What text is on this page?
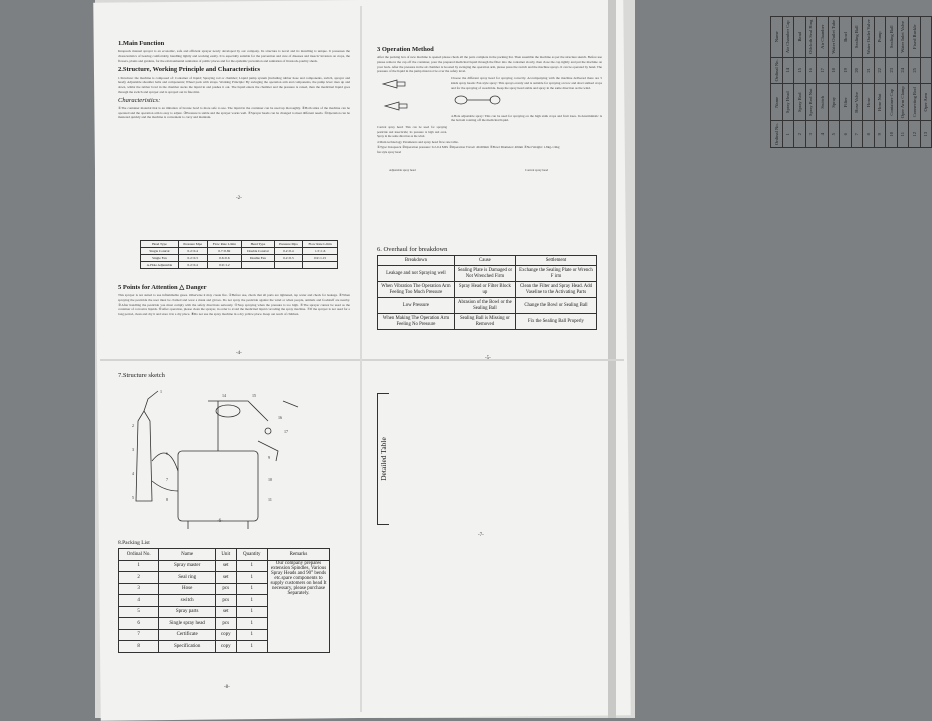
1.Main Function
Knapsack manual sprayer is an economic, safe and efficient sprayer newly developed by our company. Its structure is novel and its installing is unique. It possesses the characteristics of bearing comfortably, handling lightly and working easily. It is especially suitable for the prevention and cure of diseases and insects' invasion on crops, the flowers, plants and gardens, for the environmental sanitation of public places and for the epidemic prevention and sanitation of livestock-poultry sheds.
2.Structure, Working Principle and Characteristics
1.Structure: the machine is composed of: Container of liquid; Spraying rod or chamber; Liquid pump system (including rubber hose and components, switch, sprayer and head); Adjustable shoulder belts and components; Wheel pack with straps. Working Principle: By swinging the operation arm and components, the pump lever rises up and down, whilst the rubber bowl in the chamber sucks the liquid in and pushes it out. The liquid enters the chamber and the pressure is raised, then the medicinal liquid goes through the switch and sprayer and is sprayed out in fine mist.
Characteristics:
①The container material that is an imitation of bronze bowl is more safe to use. The liquid in the container can be used up thoroughly. ②Both sides of the machine can be operated and the operation arm is easy to adjust. ③Pressure is stable and the sprayer works well. ④Sprayer heads can be changed to meet different needs. ⑤Operation can be mastered quickly and the machine is convenient to carry and maintain.
-2-
Head Type	Pressure Mpa	Flow Rate L/min	Head Type	Pressure Mpa	Flow Rate L/min
Single Conical	0.2~0.4	0.7~0.82	Double Conical	0.2~0.4	1.5~1.6
Single Fan	0.2~0.3	0.6~0.6	Double Fan	0.2~0.3	0.9~1.15
A-Hole Adjustable	0.2~0.4	0.9~1.2			
5 Points for Attention △ Danger
This sprayer is not suited to use inflammable gases. Otherwise it may create fire. ①Before use, check that all parts are tightened, tap water and check for leakage. ②When spraying the pesticide the user must be clothed and wear a mask and gloves. Do not spray the pesticide against the wind or when people, animals and foodstuff are nearby. ③After handling the pesticide you must comply with the safety directions seriously. ④Stop spraying when the pressure is too high. ⑤The sprayer cannot be used as the container of corrosive liquids. ⑥After operation, please clean the sprayer, in order to avoid the medicinal liquid corroding the spray machine. ⑦If the sprayer is not used for a long period, clean and dry it and store it in a dry place. ⑧Do not use the spray machine in a dry yellow place. Keep out reach of children.
-4-
3 Operation Method
After the packing box of new machine is opened please check all the parts complete in the packing list. Then assemble the machine as per the structure sketch. Before use please remove the cap off the container, pour the prepared medicinal liquid through the filter into the container slowly, then close the cap tightly and put the machine on your back. After the pressure in the air chamber is boosted by swinging the operation arm, please press the switch and the machine sprays. It can be operated by hand. The pressure of the liquid in the pump must not be over the safety level.
Conical spray head: This can be used for spraying pesticide and insecticide; its pressure is high and even. Spray in the same direction as the wind.
Choose the different spray head for spraying correctly. Accompanying with the machine delivered there are 5 kinds spray heads: Fan style spray: This sprays evenly and is suitable for spraying on low and short stalked crops and for the spraying of weedicide. Keep the spray head stable and spray in the same direction as the wind.
4-Hole adjustable spray: This can be used for spraying on the high stalk crops and fruit trees. In deterministic is the bottom rotating off the medicinal liquid.
4 Main technology Parameters and spray head flow rate table.
①Type: Knapsack ②Operation pressure: 0.2-0.4 MPa ③Operation Travel: 40-60mm ④Bowl Diameter: 40mm ⑤Net Weight: 1.8kg-1.9kg
fan style spray head
Adjustable spray head	Conical spray head
6. Overhaul for breakdown
Breakdown	Cause	Settlement
Leakage and not Spraying well	Sealing Plate is Damaged or Not Wrenched Firm	Exchange the Sealing Plate or Wrench F irm
When Vibration The Operation Arm Feeling Too Much Pressure	Spray Head or Filter Block up	Clean the Filter and Spray Head. Add Vaseline to the Activating Parts
Low Pressure	Abrasion of the Bowl or the Sealing Ball	Change the Bowl or Sealing Ball
When Making The Operation Arm Feeling No Pressure	Sealing Ball is Missing or Removed	Fix the Sealing Ball Properly
-5-
7.Structure sketch
1
2
3
4
5
6
7
8
9
10
11
14	15
16
17
-6-
Detailed Table
Ordinal No.	Name	Ordinal No.	Name
1	Spray Head	14	Air Chamber Cap
2	Spray Rod	15	Bead
3	Spray Rod Nut	16	Oilcloth Seal Ring
4	Switch	17	Air Chamber
5	Spray	18	Water Outlet Tube
6	Filter	19	Bowl
7	Hose Valve	20	Sealing Ball
8	Hose	21	Water Outlet Valve
9	Hose Nut	22	Pump
10	Container Cap	23	Sealing Ball
11	Oper Arm Clamp	24	Water Inlet Valve
12	Connecting Rod	25	Fixed Buckle
13	Oper Arm		
-7-
8.Packing List
Ordinal No.	Name	Unit	Quantity	Remarks
1	Spray master	set	1	Our company prepares extension Spindles, Various Spray Heads and 90° bends etc.spare components to supply customers on head It necessary, please purchase Separately.
2	Seal ring	set	1	
3	Hose	pcs	1	
4	switch	pcs	1	
5	Spray parts	set	1	
6	Single spray head	pcs	1	
7	Certificate	copy	1	
8	Specification	copy	1	
-8-
